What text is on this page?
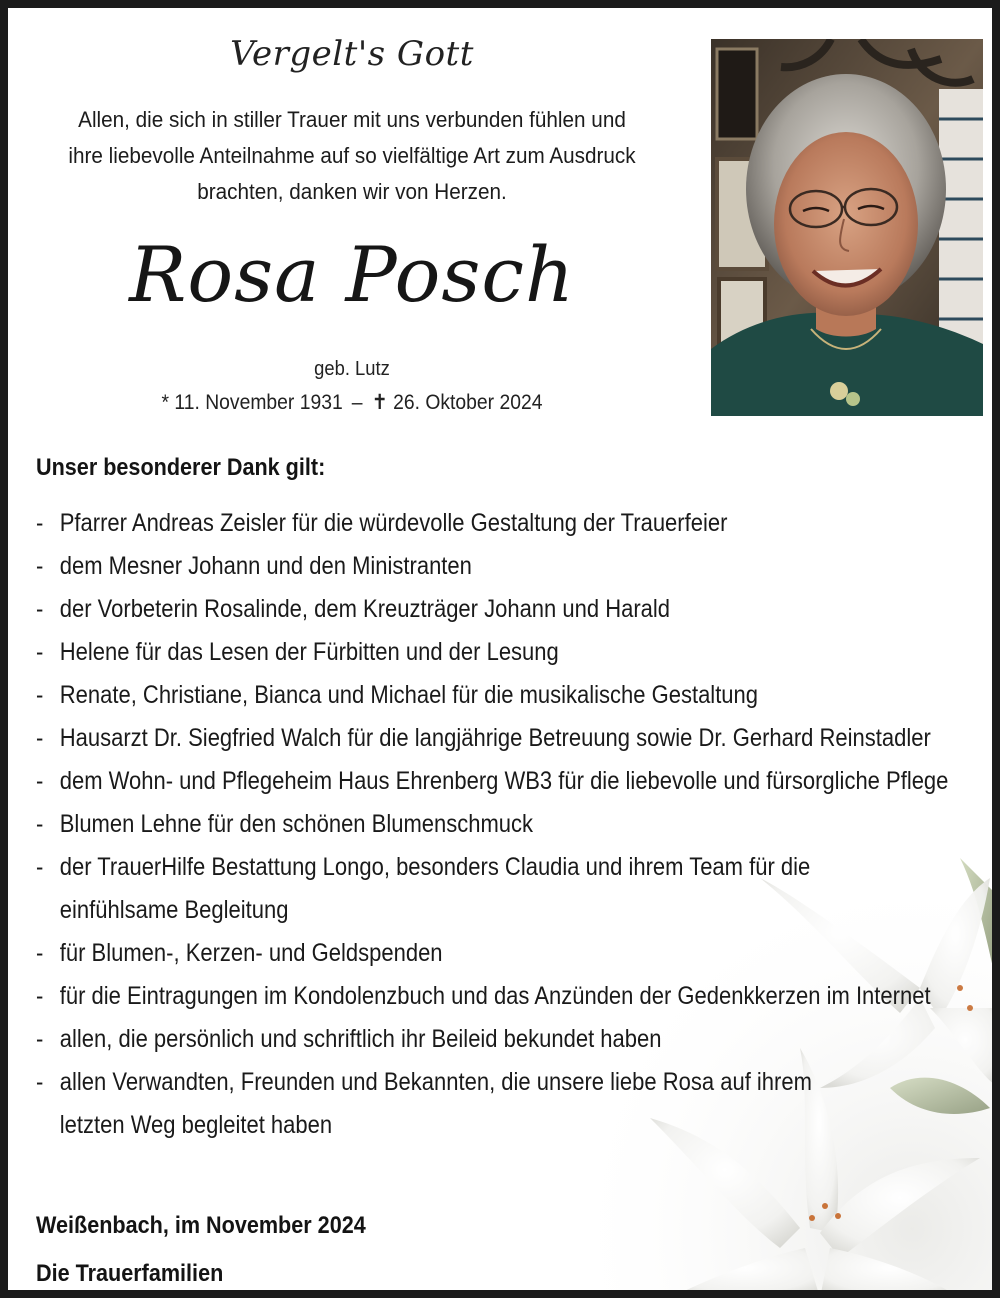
Vergelt's Gott
Allen, die sich in stiller Trauer mit uns verbunden fühlen und
ihre liebevolle Anteilnahme auf so vielfältige Art zum Ausdruck
brachten, danken wir von Herzen.
Rosa Posch
geb. Lutz
* 11. November 1931 – ✝ 26. Oktober 2024
Unser besonderer Dank gilt:
- Pfarrer Andreas Zeisler für die würdevolle Gestaltung der Trauerfeier
- dem Mesner Johann und den Ministranten
- der Vorbeterin Rosalinde, dem Kreuzträger Johann und Harald
- Helene für das Lesen der Fürbitten und der Lesung
- Renate, Christiane, Bianca und Michael für die musikalische Gestaltung
- Hausarzt Dr. Siegfried Walch für die langjährige Betreuung sowie Dr. Gerhard Reinstadler
- dem Wohn- und Pflegeheim Haus Ehrenberg WB3 für die liebevolle und fürsorgliche Pflege
- Blumen Lehne für den schönen Blumenschmuck
- der TrauerHilfe Bestattung Longo, besonders Claudia und ihrem Team für die
einfühlsame Begleitung
- für Blumen-, Kerzen- und Geldspenden
- für die Eintragungen im Kondolenzbuch und das Anzünden der Gedenkkerzen im Internet
- allen, die persönlich und schriftlich ihr Beileid bekundet haben
- allen Verwandten, Freunden und Bekannten, die unsere liebe Rosa auf ihrem
letzten Weg begleitet haben
Weißenbach, im November 2024
Die Trauerfamilien
